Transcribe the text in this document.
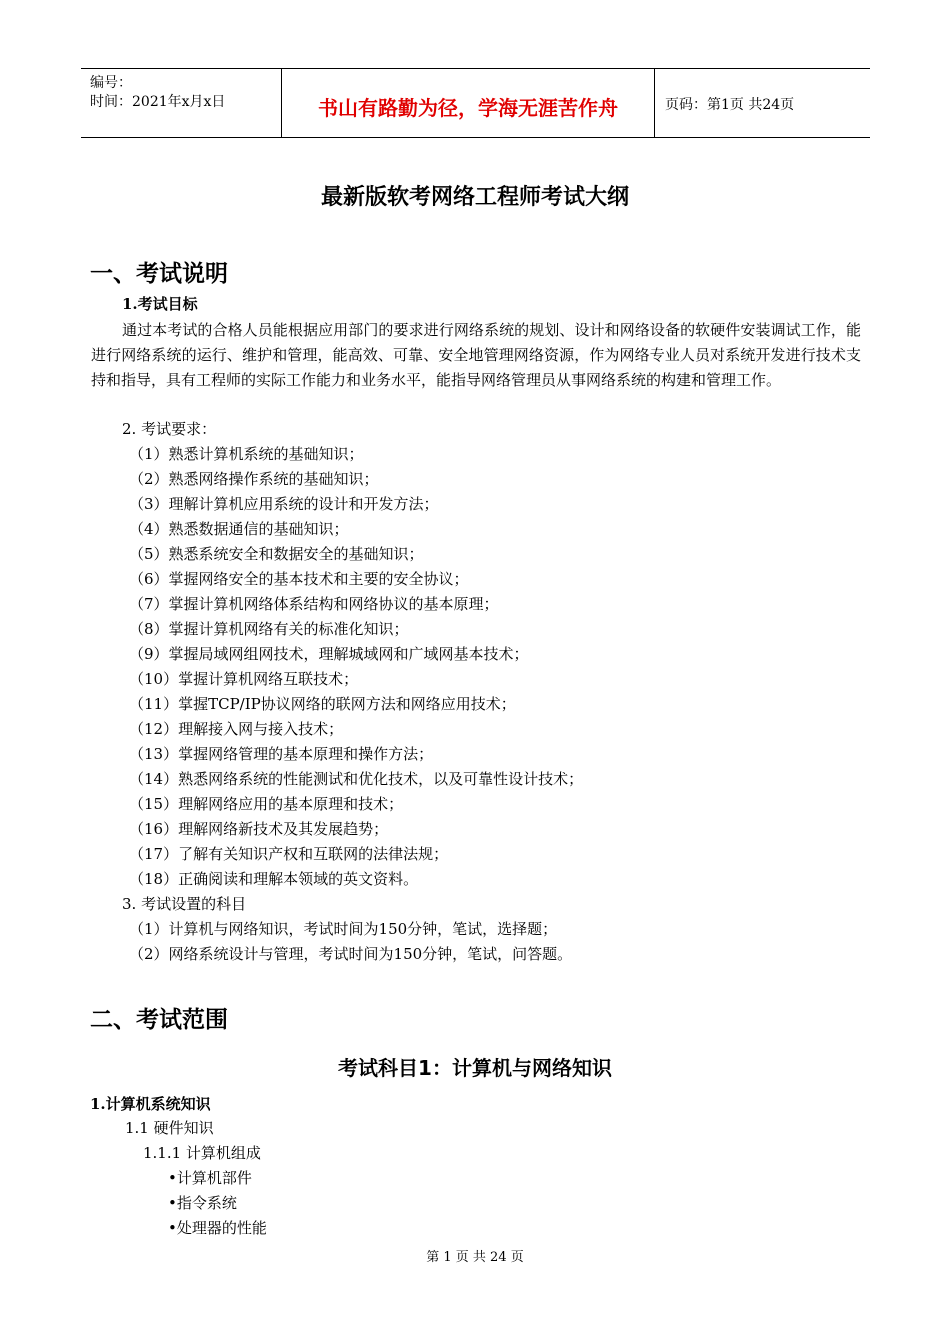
编号：
时间：2021年x月x日	书山有路勤为径，学海无涯苦作舟	页码：第1页 共24页
最新版软考网络工程师考试大纲
一、考试说明
1.考试目标
通过本考试的合格人员能根据应用部门的要求进行网络系统的规划、设计和网络设备的软硬件安装调试工作，能进行网络系统的运行、维护和管理，能高效、可靠、安全地管理网络资源，作为网络专业人员对系统开发进行技术支持和指导，具有工程师的实际工作能力和业务水平，能指导网络管理员从事网络系统的构建和管理工作。
2. 考试要求：
（1）熟悉计算机系统的基础知识；
（2）熟悉网络操作系统的基础知识；
（3）理解计算机应用系统的设计和开发方法；
（4）熟悉数据通信的基础知识；
（5）熟悉系统安全和数据安全的基础知识；
（6）掌握网络安全的基本技术和主要的安全协议；
（7）掌握计算机网络体系结构和网络协议的基本原理；
（8）掌握计算机网络有关的标准化知识；
（9）掌握局域网组网技术，理解城域网和广域网基本技术；
（10）掌握计算机网络互联技术；
（11）掌握TCP/IP协议网络的联网方法和网络应用技术；
（12）理解接入网与接入技术；
（13）掌握网络管理的基本原理和操作方法；
（14）熟悉网络系统的性能测试和优化技术，以及可靠性设计技术；
（15）理解网络应用的基本原理和技术；
（16）理解网络新技术及其发展趋势；
（17）了解有关知识产权和互联网的法律法规；
（18）正确阅读和理解本领域的英文资料。
3. 考试设置的科目
（1）计算机与网络知识，考试时间为150分钟，笔试，选择题；
（2）网络系统设计与管理，考试时间为150分钟，笔试，问答题。
二、考试范围
考试科目1：计算机与网络知识
1.计算机系统知识
1.1 硬件知识
1.1.1 计算机组成
•计算机部件
•指令系统
•处理器的性能
第 1 页 共 24 页
